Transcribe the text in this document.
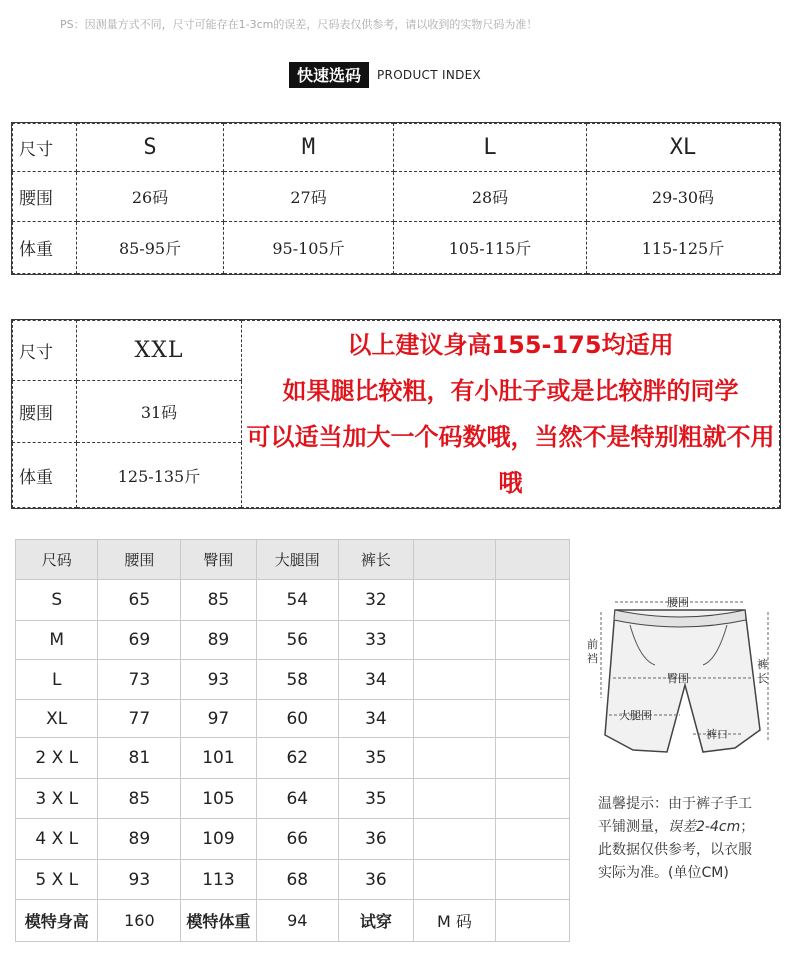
PS：因测量方式不同，尺寸可能存在1-3cm的误差，尺码表仅供参考，请以收到的实物尺码为准！
快速选码	PRODUCT INDEX
尺寸	S	M	L	XL
腰围	26码	27码	28码	29-30码
体重	85-95斤	95-105斤	105-115斤	115-125斤
尺寸	XXL	以上建议身高155-175均适用
如果腿比较粗，有小肚子或是比较胖的同学
可以适当加大一个码数哦，当然不是特别粗就不用哦

腰围	31码	
体重	125-135斤	
尺码	腰围	臀围	大腿围	裤长		
S	65	85	54	32		
M	69	89	56	33		
L	73	93	58	34		
XL	77	97	60	34		
2 X L	81	101	62	35		
3 X L	85	105	64	35		
4 X L	89	109	66	36		
5 X L	93	113	68	36		
模特身高	160	模特体重	94	试穿	M 码	
腰围
前
裆
臀围
裤
长
大腿围
裤口
温馨提示：由于裤子手工
平铺测量，误差2-4cm；
此数据仅供参考，以衣服
实际为准。(单位CM)
